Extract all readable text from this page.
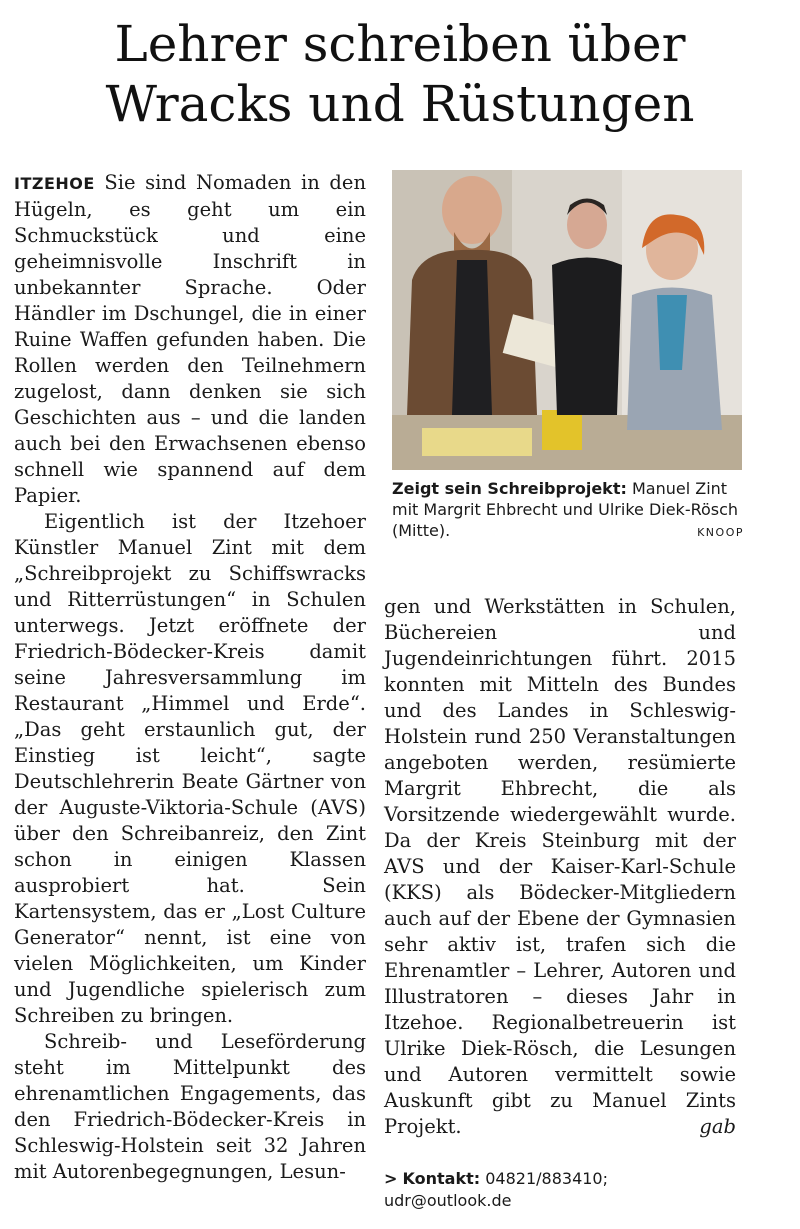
Lehrer schreiben über
Wracks und Rüstungen

ITZEHOE Sie sind Nomaden in den Hügeln, es geht um ein Schmuckstück und eine geheimnisvolle Inschrift in unbekannter Sprache. Oder Händler im Dschungel, die in einer Ruine Waffen gefunden haben. Die Rollen werden den Teilnehmern zugelost, dann denken sie sich Geschichten aus – und die landen auch bei den Erwachsenen ebenso schnell wie spannend auf dem Papier.

Eigentlich ist der Itzehoer Künstler Manuel Zint mit dem „Schreibprojekt zu Schiffswracks und Ritterrüstungen“ in Schulen unterwegs. Jetzt eröffnete der Friedrich-Bödecker-Kreis damit seine Jahresversammlung im Restaurant „Himmel und Erde“. „Das geht erstaunlich gut, der Einstieg ist leicht“, sagte Deutschlehrerin Beate Gärtner von der Auguste-Viktoria-Schule (AVS) über den Schreibanreiz, den Zint schon in einigen Klassen ausprobiert hat. Sein Kartensystem, das er „Lost Culture Generator“ nennt, ist eine von vielen Möglichkeiten, um Kinder und Jugendliche spielerisch zum Schreiben zu bringen.

Schreib- und Leseförderung steht im Mittelpunkt des ehrenamtlichen Engagements, das den Friedrich-Bödecker-Kreis in Schleswig-Holstein seit 32 Jahren mit Autorenbegegnungen, Lesun-

Zeigt sein Schreibprojekt: Manuel Zint mit Margrit Ehbrecht und Ulrike Diek-Rösch (Mitte).	KNOOP

gen und Werkstätten in Schulen, Büchereien und Jugendeinrichtungen führt. 2015 konnten mit Mitteln des Bundes und des Landes in Schleswig-Holstein rund 250 Veranstaltungen angeboten werden, resümierte Margrit Ehbrecht, die als Vorsitzende wiedergewählt wurde. Da der Kreis Steinburg mit der AVS und der Kaiser-Karl-Schule (KKS) als Bödecker-Mitgliedern auch auf der Ebene der Gymnasien sehr aktiv ist, trafen sich die Ehrenamtler – Lehrer, Autoren und Illustratoren – dieses Jahr in Itzehoe. Regionalbetreuerin ist Ulrike Diek-Rösch, die Lesungen und Autoren vermittelt sowie Auskunft gibt zu Manuel Zints Projekt.	gab

> Kontakt: 04821/883410;
udr@outlook.de
